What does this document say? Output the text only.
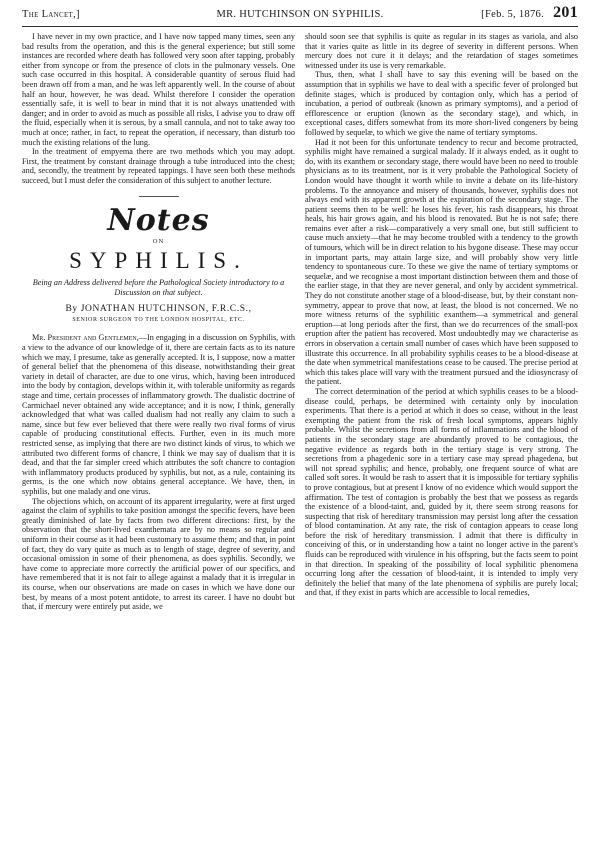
The Lancet,]	MR. HUTCHINSON ON SYPHILIS.	[Feb. 5, 1876. 201

I have never in my own practice, and I have now tapped many times, seen any bad results from the operation, and this is the general experience; but still some instances are recorded where death has followed very soon after tapping, probably either from syncope or from the presence of clots in the pulmonary vessels. One such case occurred in this hospital. A considerable quantity of serous fluid had been drawn off from a man, and he was left apparently well. In the course of about half an hour, however, he was dead. Whilst therefore I consider the operation essentially safe, it is well to bear in mind that it is not always unattended with danger; and in order to avoid as much as possible all risks, I advise you to draw off the fluid, especially when it is serous, by a small cannula, and not to take away too much at once; rather, in fact, to repeat the operation, if necessary, than disturb too much the existing relations of the lung.

In the treatment of empyema there are two methods which you may adopt. First, the treatment by constant drainage through a tube introduced into the chest; and, secondly, the treatment by repeated tappings. I have seen both these methods succeed, but I must defer the consideration of this subject to another lecture.

Notes
ON
SYPHILIS.
Being an Address delivered before the Pathological Society introductory to a Discussion on that subject.
By JONATHAN HUTCHINSON, F.R.C.S.,
SENIOR SURGEON TO THE LONDON HOSPITAL, ETC.

Mr. President and Gentlemen,—In engaging in a discussion on Syphilis, with a view to the advance of our knowledge of it, there are certain facts as to its nature which we may, I presume, take as generally accepted. It is, I suppose, now a matter of general belief that the phenomena of this disease, notwithstanding their great variety in detail of character, are due to one virus, which, having been introduced into the body by contagion, develops within it, with tolerable uniformity as regards stage and time, certain processes of inflammatory growth. The dualistic doctrine of Carmichael never obtained any wide acceptance; and it is now, I think, generally acknowledged that what was called dualism had not really any claim to such a name, since but few ever believed that there were really two rival forms of virus capable of producing constitutional effects. Further, even in its much more restricted sense, as implying that there are two distinct kinds of virus, to which we attributed two different forms of chancre, I think we may say of dualism that it is dead, and that the far simpler creed which attributes the soft chancre to contagion with inflammatory products produced by syphilis, but not, as a rule, containing its germs, is the one which now obtains general acceptance. We have, then, in syphilis, but one malady and one virus.

The objections which, on account of its apparent irregularity, were at first urged against the claim of syphilis to take position amongst the specific fevers, have been greatly diminished of late by facts from two different directions: first, by the observation that the short-lived exanthemata are by no means so regular and uniform in their course as it had been customary to assume them; and that, in point of fact, they do vary quite as much as to length of stage, degree of severity, and occasional omission in some of their phenomena, as does syphilis. Secondly, we have come to appreciate more correctly the artificial power of our specifics, and have remembered that it is not fair to allege against a malady that it is irregular in its course, when our observations are made on cases in which we have done our best, by means of a most potent antidote, to arrest its career. I have no doubt but that, if mercury were entirely put aside, we

should soon see that syphilis is quite as regular in its stages as variola, and also that it varies quite as little in its degree of severity in different persons. When mercury does not cure it it delays; and the retardation of stages sometimes witnessed under its use is very remarkable.

Thus, then, what I shall have to say this evening will be based on the assumption that in syphilis we have to deal with a specific fever of prolonged but definite stages, which is produced by contagion only, which has a period of incubation, a period of outbreak (known as primary symptoms), and a period of efflorescence or eruption (known as the secondary stage), and which, in exceptional cases, differs somewhat from its more short-lived congeners by being followed by sequelæ, to which we give the name of tertiary symptoms.

Had it not been for this unfortunate tendency to recur and become protracted, syphilis might have remained a surgical malady. If it always ended, as it ought to do, with its exanthem or secondary stage, there would have been no need to trouble physicians as to its treatment, nor is it very probable the Pathological Society of London would have thought it worth while to invite a debate on its life-history problems. To the annoyance and misery of thousands, however, syphilis does not always end with its apparent growth at the expiration of the secondary stage. The patient seems then to be well: he loses his fever, his rash disappears, his throat heals, his hair grows again, and his blood is renovated. But he is not safe; there remains ever after a risk—comparatively a very small one, but still sufficient to cause much anxiety—that he may become troubled with a tendency to the growth of tumours, which will be in direct relation to his bygone disease. These may occur in important parts, may attain large size, and will probably show very little tendency to spontaneous cure. To these we give the name of tertiary symptoms or sequelæ, and we recognise a most important distinction between them and those of the earlier stage, in that they are never general, and only by accident symmetrical. They do not constitute another stage of a blood-disease, but, by their constant non-symmetry, appear to prove that now, at least, the blood is not concerned. We no more witness returns of the syphilitic exanthem—a symmetrical and general eruption—at long periods after the first, than we do recurrences of the small-pox eruption after the patient has recovered. Most undoubtedly may we characterise as errors in observation a certain small number of cases which have been supposed to illustrate this occurrence. In all probability syphilis ceases to be a blood-disease at the date when symmetrical manifestations cease to be caused. The precise period at which this takes place will vary with the treatment pursued and the idiosyncrasy of the patient.

The correct determination of the period at which syphilis ceases to be a blood-disease could, perhaps, be determined with certainty only by inoculation experiments. That there is a period at which it does so cease, without in the least exempting the patient from the risk of fresh local symptoms, appears highly probable. Whilst the secretions from all forms of inflammations and the blood of patients in the secondary stage are abundantly proved to be contagious, the negative evidence as regards both in the tertiary stage is very strong. The secretions from a phagedenic sore in a tertiary case may spread phagedena, but will not spread syphilis; and hence, probably, one frequent source of what are called soft sores. It would be rash to assert that it is impossible for tertiary syphilis to prove contagious, but at present I know of no evidence which would support the affirmation. The test of contagion is probably the best that we possess as regards the existence of a blood-taint, and, guided by it, there seem strong reasons for suspecting that risk of hereditary transmission may persist long after the cessation of blood contamination. At any rate, the risk of contagion appears to cease long before the risk of hereditary transmission. I admit that there is difficulty in conceiving of this, or in understanding how a taint no longer active in the parent's fluids can be reproduced with virulence in his offspring, but the facts seem to point in that direction. In speaking of the possibility of local syphilitic phenomena occurring long after the cessation of blood-taint, it is intended to imply very definitely the belief that many of the late phenomena of syphilis are purely local; and that, if they exist in parts which are accessible to local remedies,
